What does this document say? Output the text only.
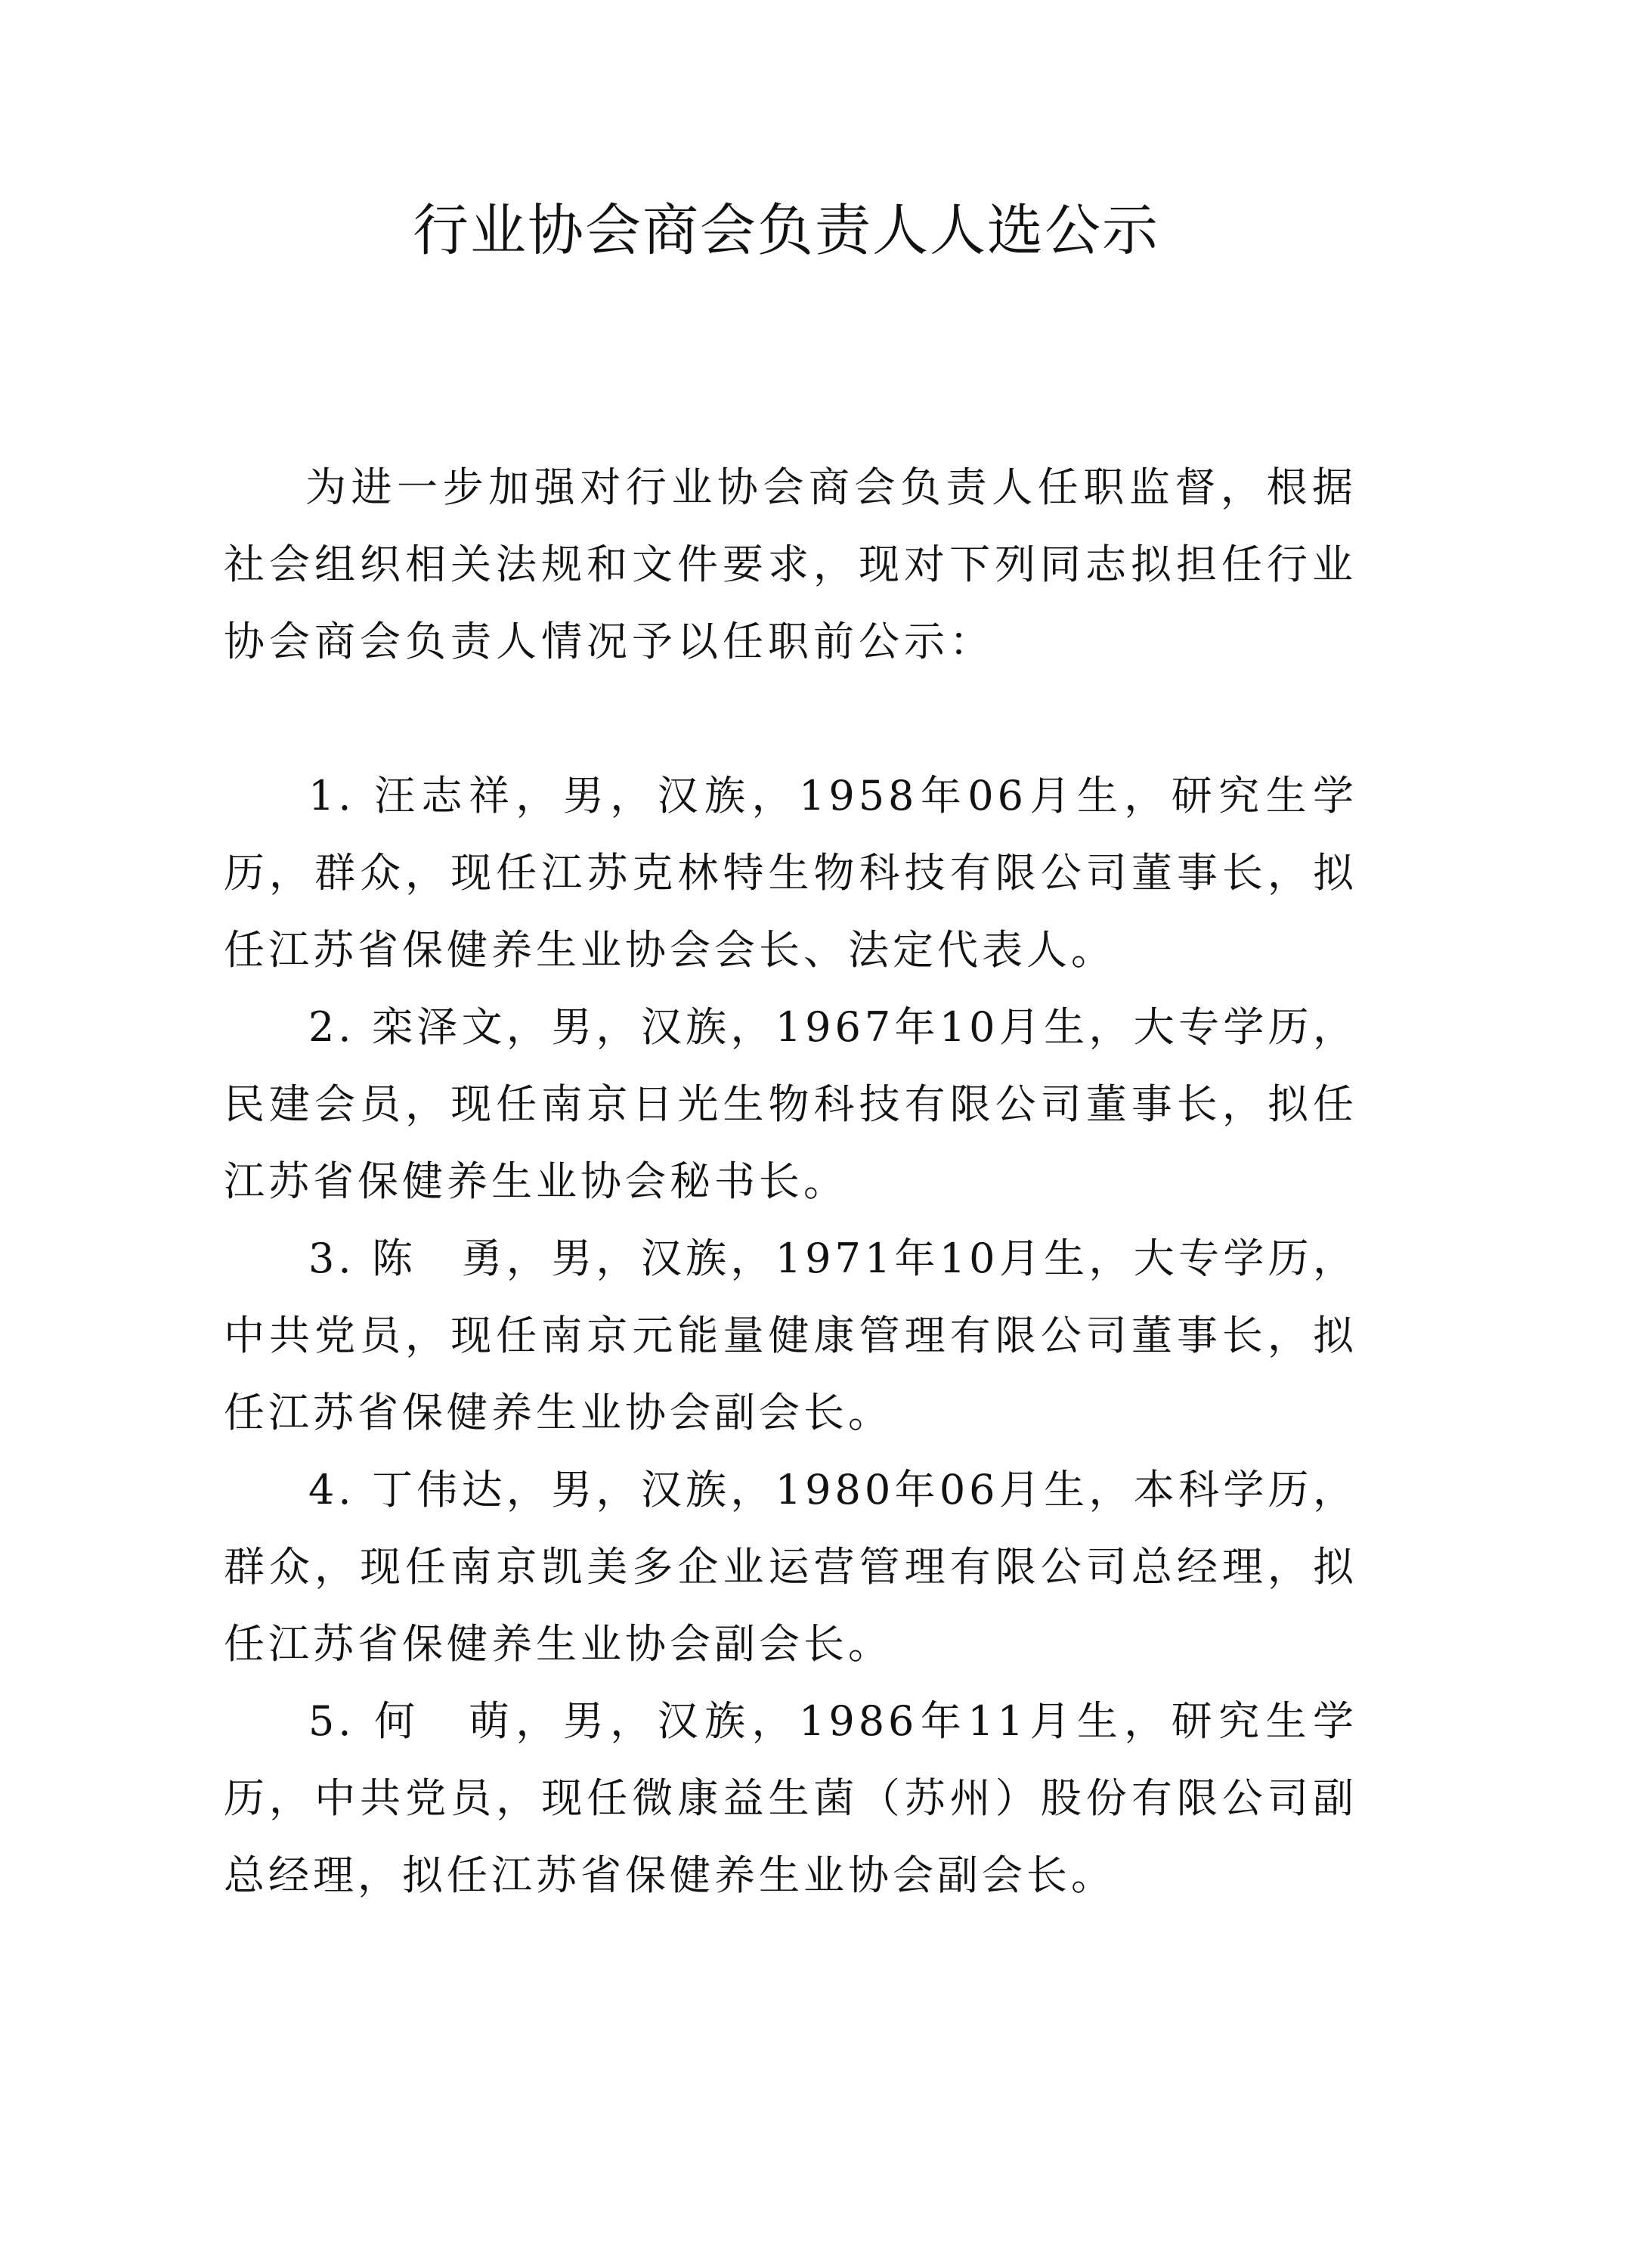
行业协会商会负责人人选公示

为进一步加强对行业协会商会负责人任职监督，根据社会组织相关法规和文件要求，现对下列同志拟担任行业协会商会负责人情况予以任职前公示：

1. 汪志祥，男，汉族，1958年06月生，研究生学历，群众，现任江苏克林特生物科技有限公司董事长，拟任江苏省保健养生业协会会长、法定代表人。

2. 栾泽文，男，汉族，1967年10月生，大专学历，民建会员，现任南京日光生物科技有限公司董事长，拟任江苏省保健养生业协会秘书长。

3. 陈　勇，男，汉族，1971年10月生，大专学历，中共党员，现任南京元能量健康管理有限公司董事长，拟任江苏省保健养生业协会副会长。

4. 丁伟达，男，汉族，1980年06月生，本科学历，群众，现任南京凯美多企业运营管理有限公司总经理，拟任江苏省保健养生业协会副会长。

5. 何　萌，男，汉族，1986年11月生，研究生学历，中共党员，现任微康益生菌（苏州）股份有限公司副总经理，拟任江苏省保健养生业协会副会长。
